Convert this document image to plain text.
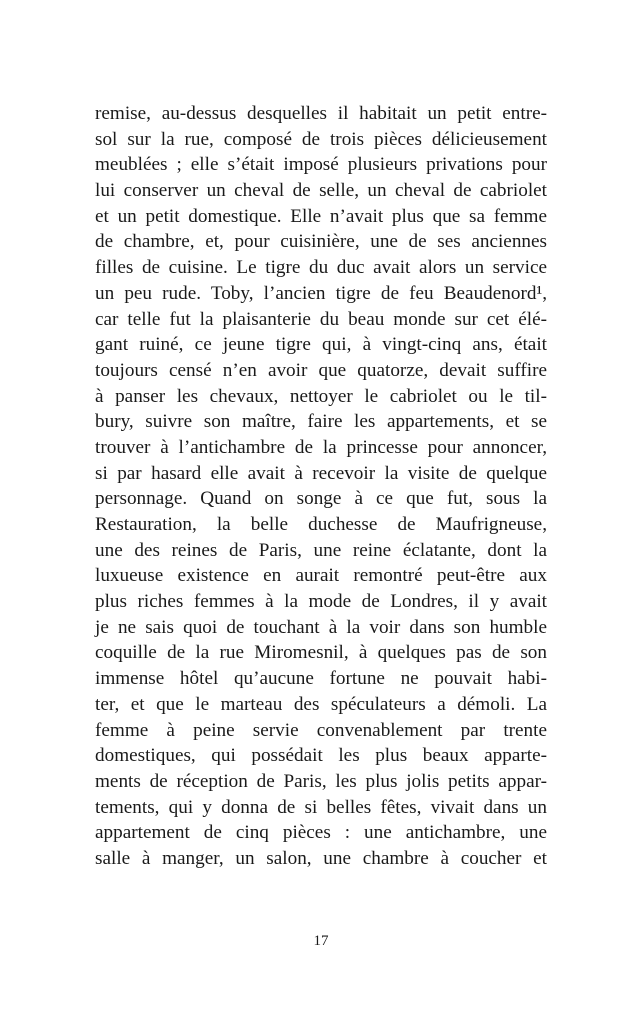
remise, au-dessus desquelles il habitait un petit entre-
sol sur la rue, composé de trois pièces délicieusement
meublées ; elle s’était imposé plusieurs privations pour
lui conserver un cheval de selle, un cheval de cabriolet
et un petit domestique. Elle n’avait plus que sa femme
de chambre, et, pour cuisinière, une de ses anciennes
filles de cuisine. Le tigre du duc avait alors un service
un peu rude. Toby, l’ancien tigre de feu Beaudenord¹,
car telle fut la plaisanterie du beau monde sur cet élé-
gant ruiné, ce jeune tigre qui, à vingt-cinq ans, était
toujours censé n’en avoir que quatorze, devait suffire
à panser les chevaux, nettoyer le cabriolet ou le til-
bury, suivre son maître, faire les appartements, et se
trouver à l’antichambre de la princesse pour annoncer,
si par hasard elle avait à recevoir la visite de quelque
personnage. Quand on songe à ce que fut, sous la
Restauration, la belle duchesse de Maufrigneuse,
une des reines de Paris, une reine éclatante, dont la
luxueuse existence en aurait remontré peut-être aux
plus riches femmes à la mode de Londres, il y avait
je ne sais quoi de touchant à la voir dans son humble
coquille de la rue Miromesnil, à quelques pas de son
immense hôtel qu’aucune fortune ne pouvait habi-
ter, et que le marteau des spéculateurs a démoli. La
femme à peine servie convenablement par trente
domestiques, qui possédait les plus beaux apparte-
ments de réception de Paris, les plus jolis petits appar-
tements, qui y donna de si belles fêtes, vivait dans un
appartement de cinq pièces : une antichambre, une
salle à manger, un salon, une chambre à coucher et
17
